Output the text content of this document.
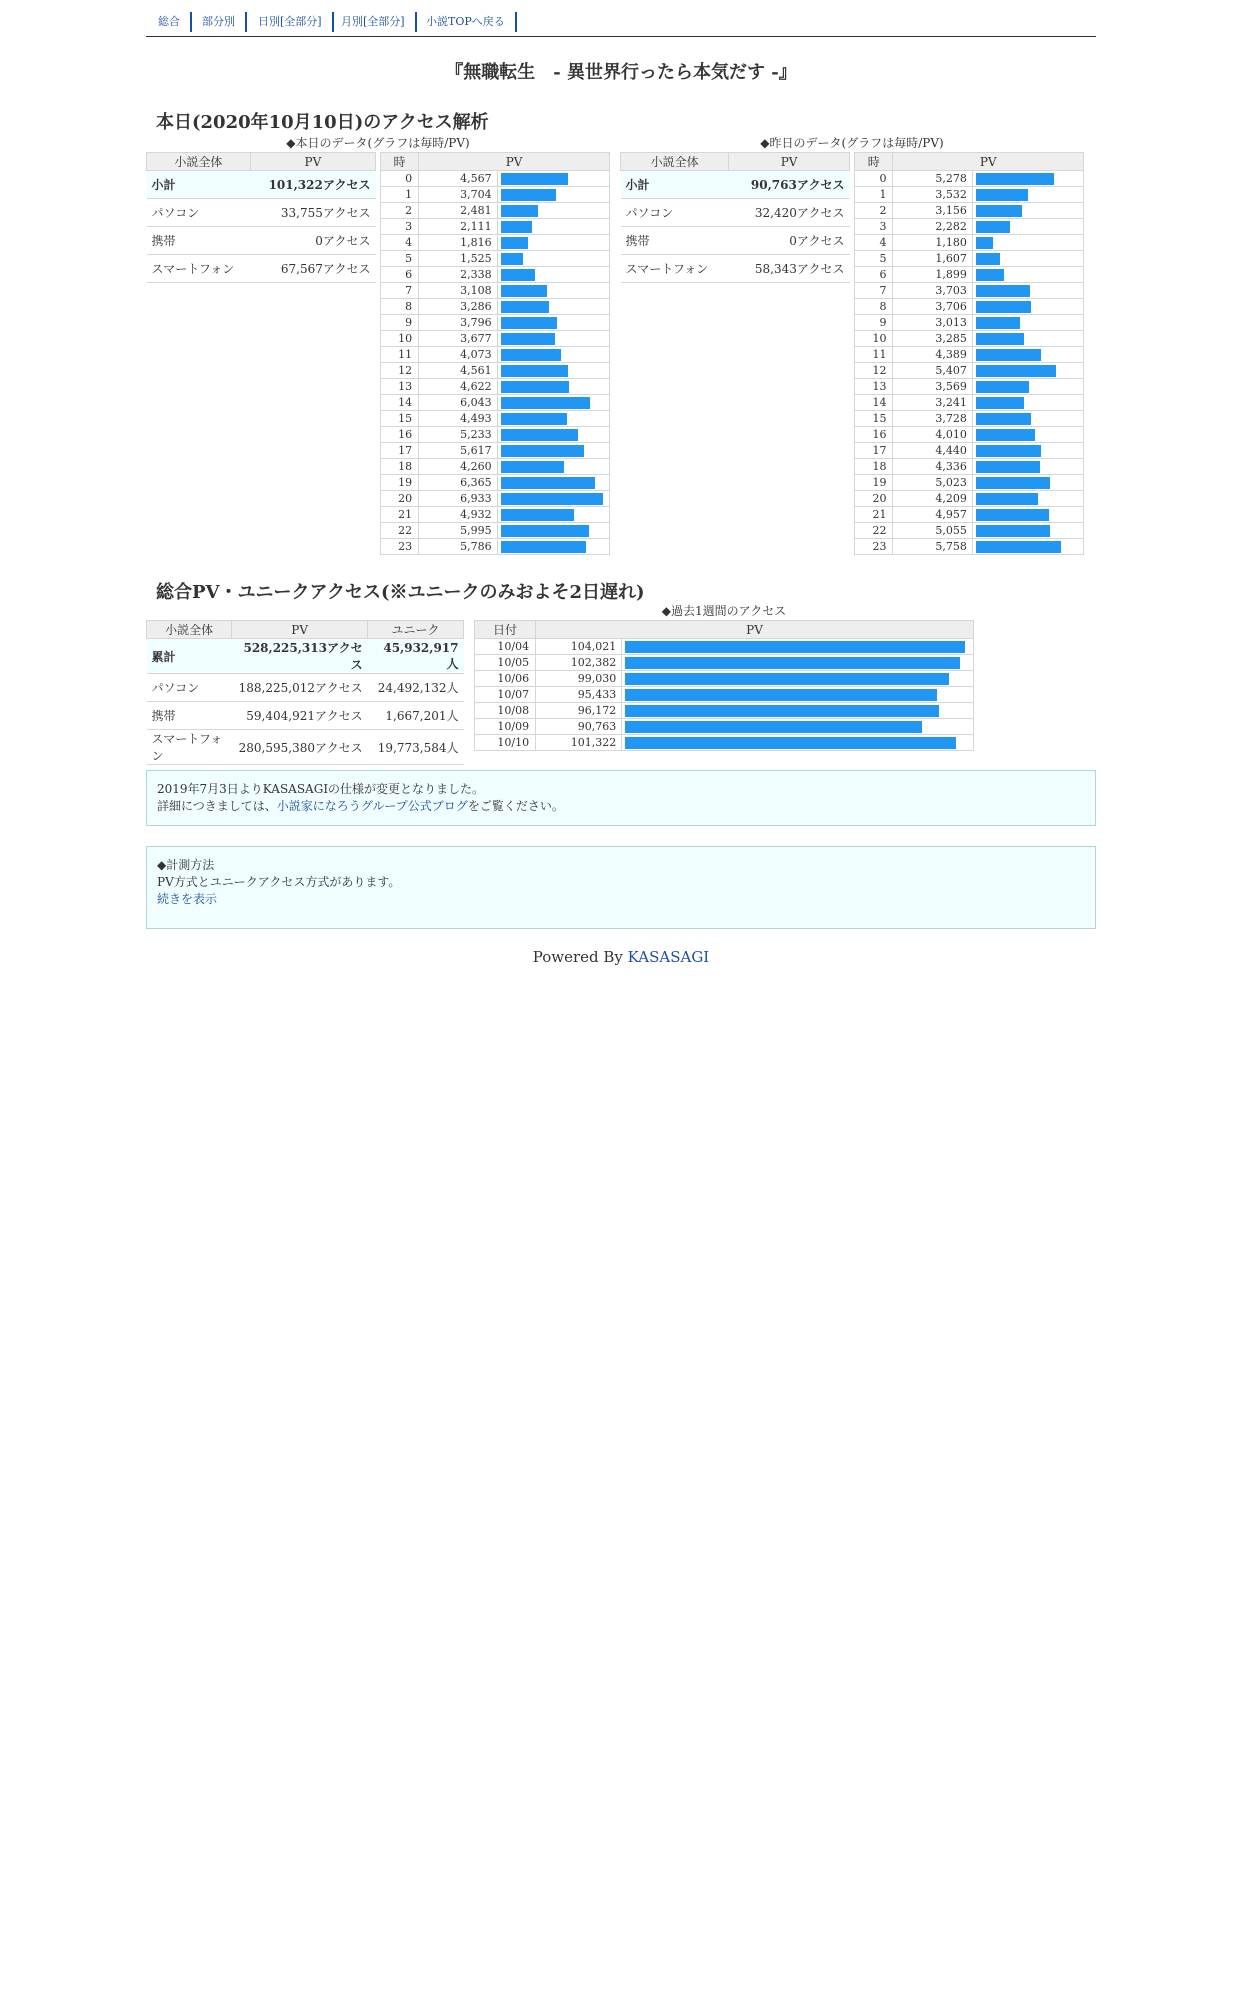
総合	部分別	日別[全部分]	月別[全部分]	小説TOPへ戻る
『無職転生　- 異世界行ったら本気だす -』
本日(2020年10月10日)のアクセス解析
◆本日のデータ(グラフは毎時/PV)	◆昨日のデータ(グラフは毎時/PV)
小説全体	PV
小計	101,322アクセス
パソコン	33,755アクセス
携帯	0アクセス
スマートフォン	67,567アクセス
時	PV	
0	4,567	

1	3,704	

2	2,481	

3	2,111	

4	1,816	

5	1,525	

6	2,338	

7	3,108	

8	3,286	

9	3,796	

10	3,677	

11	4,073	

12	4,561	

13	4,622	

14	6,043	

15	4,493	

16	5,233	

17	5,617	

18	4,260	

19	6,365	

20	6,933	

21	4,932	

22	5,995	

23	5,786	
小説全体	PV
小計	90,763アクセス
パソコン	32,420アクセス
携帯	0アクセス
スマートフォン	58,343アクセス
時	PV	
0	5,278	

1	3,532	

2	3,156	

3	2,282	

4	1,180	

5	1,607	

6	1,899	

7	3,703	

8	3,706	

9	3,013	

10	3,285	

11	4,389	

12	5,407	

13	3,569	

14	3,241	

15	3,728	

16	4,010	

17	4,440	

18	4,336	

19	5,023	

20	4,209	

21	4,957	

22	5,055	

23	5,758	
総合PV・ユニークアクセス(※ユニークのみおよそ2日遅れ)
小説全体	PV	ユニーク
累計	528,225,313アクセス	45,932,917人
パソコン	188,225,012アクセス	24,492,132人
携帯	59,404,921アクセス	1,667,201人
スマートフォン	280,595,380アクセス	19,773,584人
◆過去1週間のアクセス
日付	PV	
10/04	104,021	

10/05	102,382	

10/06	99,030	

10/07	95,433	

10/08	96,172	

10/09	90,763	

10/10	101,322	
2019年7月3日よりKASASAGIの仕様が変更となりました。
詳細につきましては、小説家になろうグループ公式ブログをご覧ください。
◆計測方法
PV方式とユニークアクセス方式があります。
続きを表示
Powered By KASASAGI
